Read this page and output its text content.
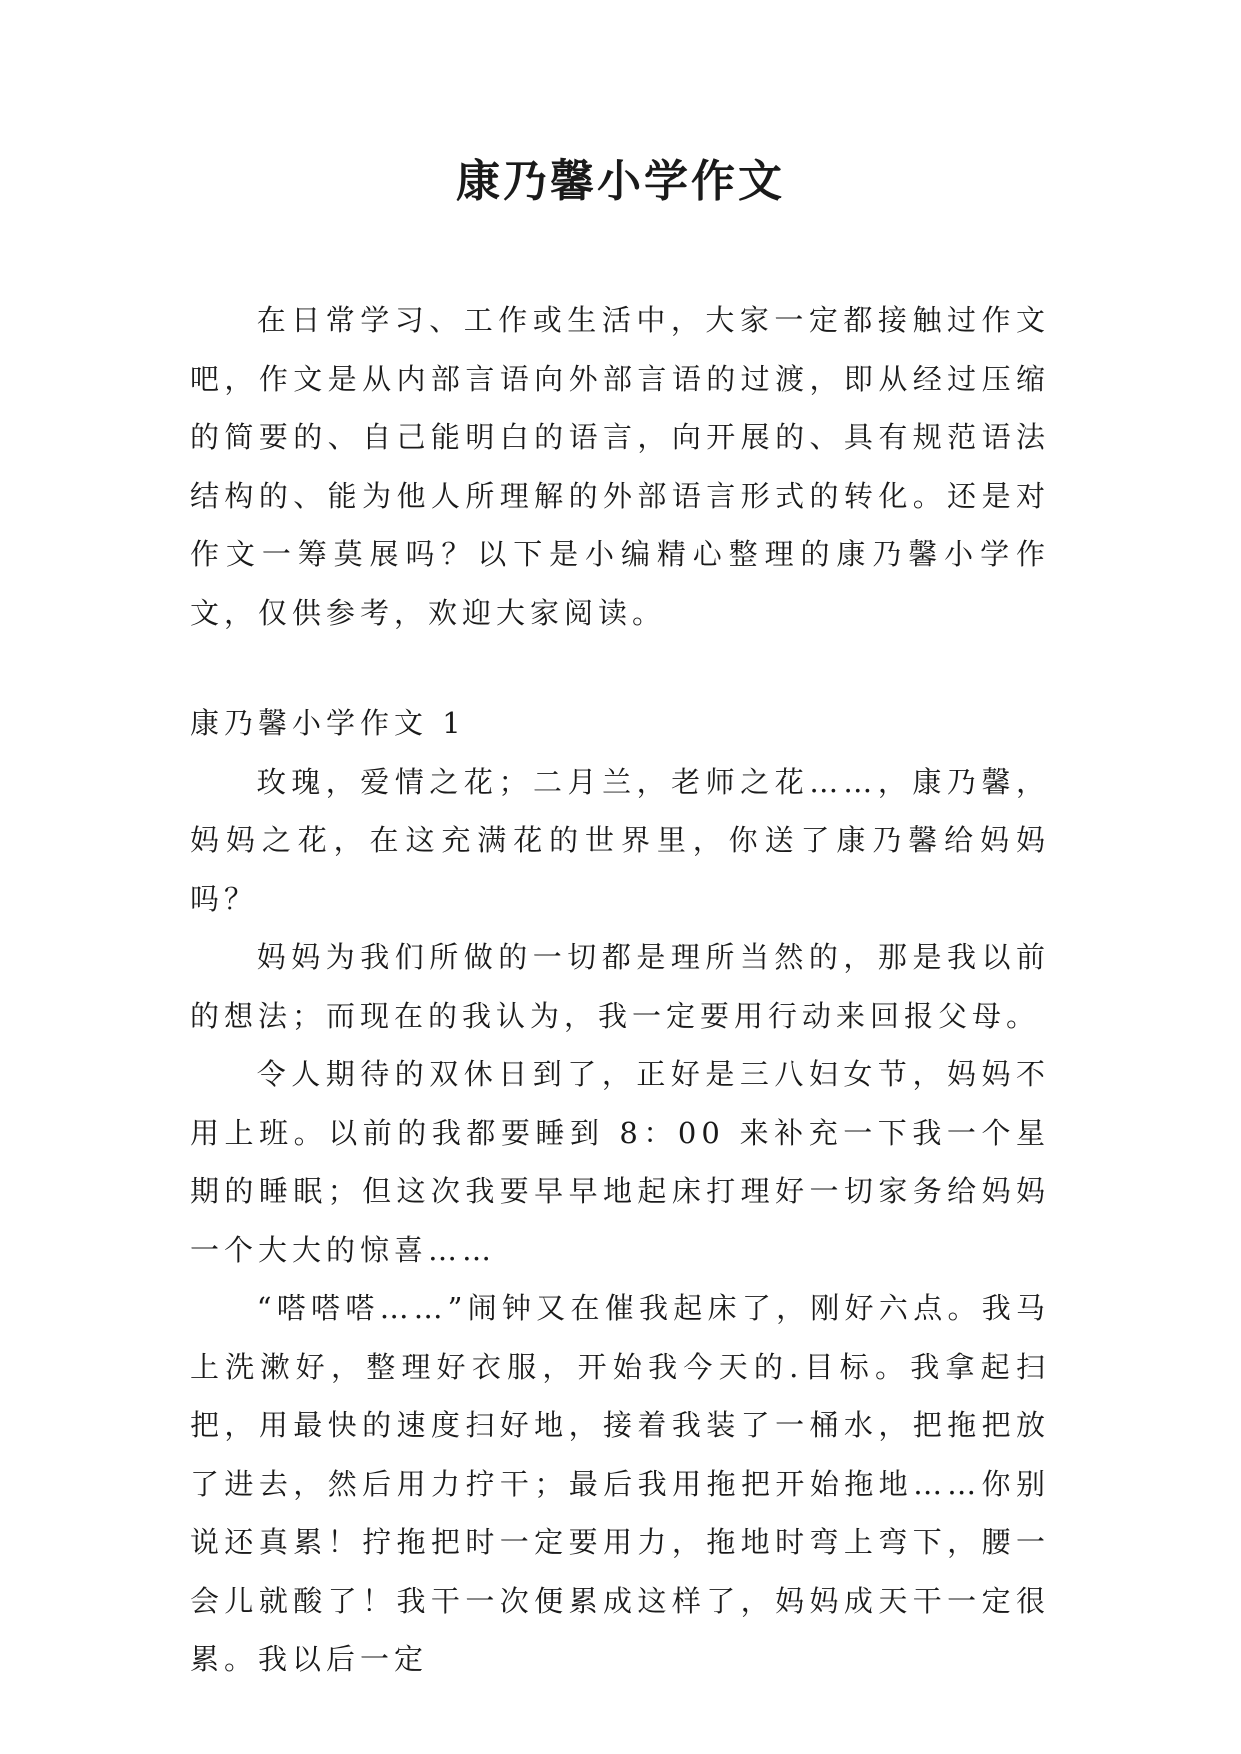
康乃馨小学作文

在日常学习、工作或生活中，大家一定都接触过作文吧，作文是从内部言语向外部言语的过渡，即从经过压缩的简要的、自己能明白的语言，向开展的、具有规范语法结构的、能为他人所理解的外部语言形式的转化。还是对作文一筹莫展吗？以下是小编精心整理的康乃馨小学作文，仅供参考，欢迎大家阅读。

康乃馨小学作文 1

玫瑰，爱情之花；二月兰，老师之花……，康乃馨，妈妈之花，在这充满花的世界里，你送了康乃馨给妈妈吗？

妈妈为我们所做的一切都是理所当然的，那是我以前的想法；而现在的我认为，我一定要用行动来回报父母。

令人期待的双休日到了，正好是三八妇女节，妈妈不用上班。以前的我都要睡到 8：00 来补充一下我一个星期的睡眠；但这次我要早早地起床打理好一切家务给妈妈一个大大的惊喜……

“嗒嗒嗒……”闹钟又在催我起床了，刚好六点。我马上洗漱好，整理好衣服，开始我今天的.目标。我拿起扫把，用最快的速度扫好地，接着我装了一桶水，把拖把放了进去，然后用力拧干；最后我用拖把开始拖地……你别说还真累！拧拖把时一定要用力，拖地时弯上弯下，腰一会儿就酸了！我干一次便累成这样了，妈妈成天干一定很累。我以后一定
